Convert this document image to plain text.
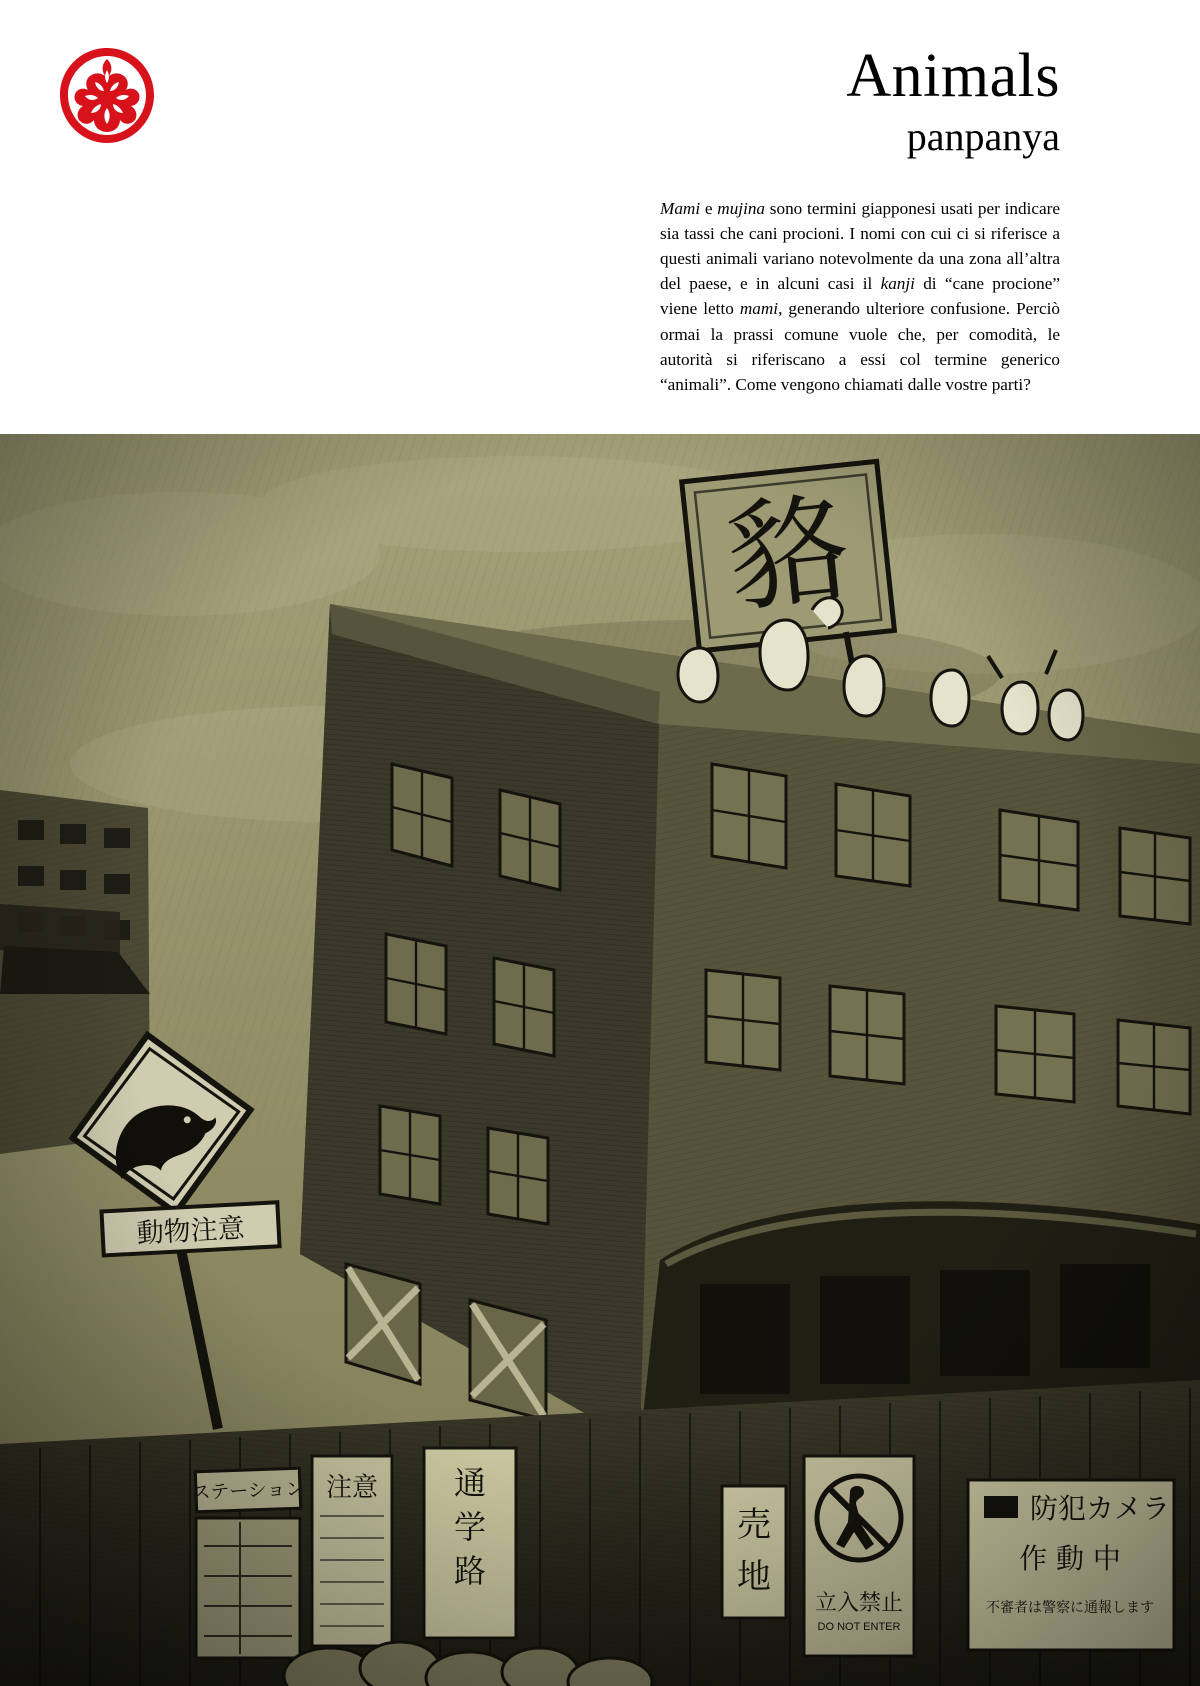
Animals
panpanya
Mami e mujina sono termini giapponesi usati per indicare sia tassi che cani procioni. I nomi con cui ci si riferisce a questi animali variano notevolmente da una zona all’altra del paese, e in alcuni casi il kanji di “cane procione” viene letto mami, generando ulteriore confusione. Perciò ormai la prassi comune vuole che, per comodità, le autorità si riferiscano a essi col termine generico “animali”. Come vengono chiamati dalle vostre parti?
